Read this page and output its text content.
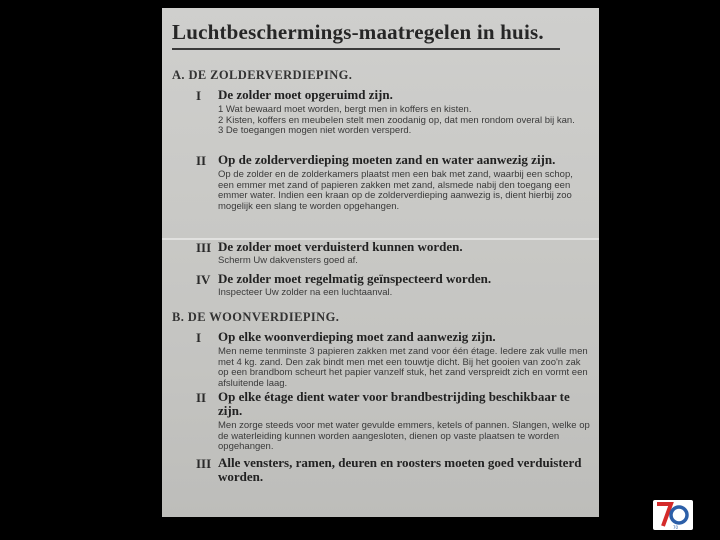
Luchtbeschermings-maatregelen in huis.
A. DE ZOLDERVERDIEPING.
I De zolder moet opgeruimd zijn.
1 Wat bewaard moet worden, bergt men in koffers en kisten.
2 Kisten, koffers en meubelen stelt men zoodanig op, dat men rondom overal bij kan.
3 De toegangen mogen niet worden versperd.
II Op de zolderverdieping moeten zand en water aanwezig zijn.
Op de zolder en de zolderkamers plaatst men een bak met zand, waarbij een schop, een emmer met zand of papieren zakken met zand, alsmede nabij den toegang een emmer water. Indien een kraan op de zolderverdieping aanwezig is, dient hierbij zoo mogelijk een slang te worden opgehangen.
III De zolder moet verduisterd kunnen worden.
Scherm Uw dakvensters goed af.
IV De zolder moet regelmatig geïnspecteerd worden.
Inspecteer Uw zolder na een luchtaanval.
B. DE WOONVERDIEPING.
I Op elke woonverdieping moet zand aanwezig zijn.
Men neme tenminste 3 papieren zakken met zand voor één étage. Iedere zak vulle men met 4 kg. zand. Den zak bindt men met een touwtje dicht. Bij het gooien van zoo'n zak op een brandbom scheurt het papier vanzelf stuk, het zand verspreidt zich en vormt een afsluitende laag.
II Op elke étage dient water voor brandbestrijding beschikbaar te zijn.
Men zorge steeds voor met water gevulde emmers, ketels of pannen. Slangen, welke op de waterleiding kunnen worden aangesloten, dienen op vaste plaatsen te worden opgehangen.
III Alle vensters, ramen, deuren en roosters moeten goed verduisterd worden.
70
